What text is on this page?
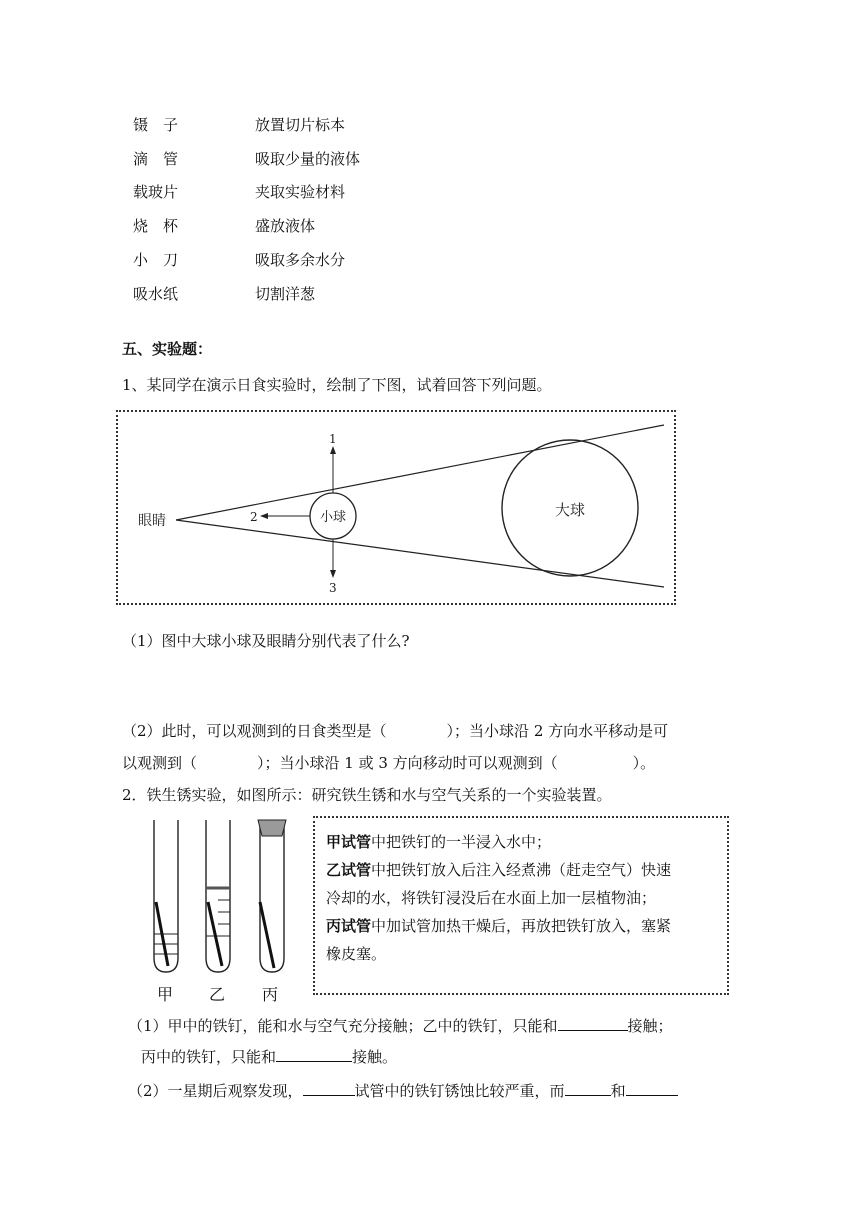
镊　子	放置切片标本
滴　管	吸取少量的液体
载玻片	夹取实验材料
烧　杯	盛放液体
小　刀	吸取多余水分
吸水纸	切割洋葱
五、实验题：
1、某同学在演示日食实验时，绘制了下图，试着回答下列问题。
眼睛	小球	大球
1
2
3
（1）图中大球小球及眼睛分别代表了什么?
（2）此时，可以观测到的日食类型是（　　　　）；当小球沿 2 方向水平移动是可
以观测到（　　　　）；当小球沿 1 或 3 方向移动时可以观测到（　　　　　）。
2．铁生锈实验，如图所示：研究铁生锈和水与空气关系的一个实验装置。
甲 乙 丙

甲试管中把铁钉的一半浸入水中；

乙试管中把铁钉放入后注入经煮沸（赶走空气）快速

冷却的水，将铁钉浸没后在水面上加一层植物油；

丙试管中加试管加热干燥后，再放把铁钉放入，塞紧

橡皮塞。

（1）甲中的铁钉，能和水与空气充分接触；乙中的铁钉，只能和	接触；
丙中的铁钉，只能和	接触。
（2）一星期后观察发现，	试管中的铁钉锈蚀比较严重，而	和
